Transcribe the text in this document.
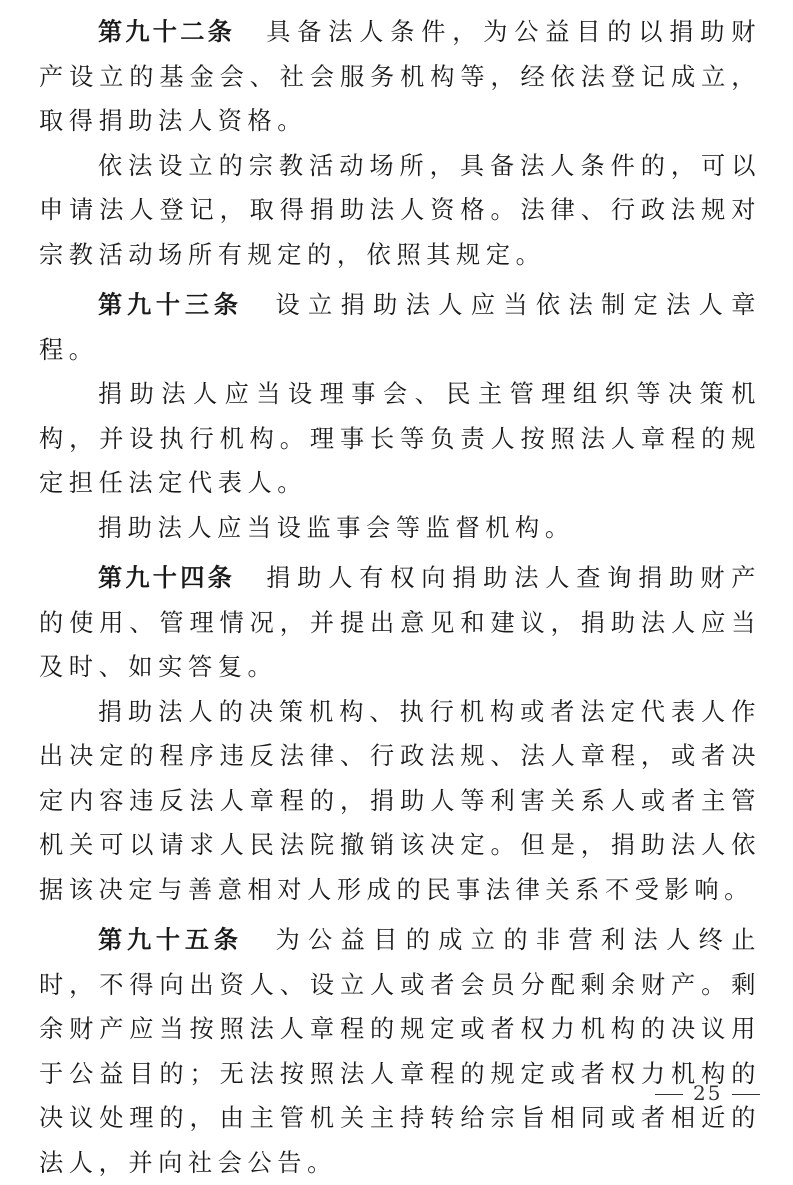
第九十二条 具备法人条件，为公益目的以捐助财产设立的基金会、社会服务机构等，经依法登记成立，取得捐助法人资格。

依法设立的宗教活动场所，具备法人条件的，可以申请法人登记，取得捐助法人资格。法律、行政法规对宗教活动场所有规定的，依照其规定。

第九十三条 设立捐助法人应当依法制定法人章程。

捐助法人应当设理事会、民主管理组织等决策机构，并设执行机构。理事长等负责人按照法人章程的规定担任法定代表人。

捐助法人应当设监事会等监督机构。

第九十四条 捐助人有权向捐助法人查询捐助财产的使用、管理情况，并提出意见和建议，捐助法人应当及时、如实答复。

捐助法人的决策机构、执行机构或者法定代表人作出决定的程序违反法律、行政法规、法人章程，或者决定内容违反法人章程的，捐助人等利害关系人或者主管机关可以请求人民法院撤销该决定。但是，捐助法人依据该决定与善意相对人形成的民事法律关系不受影响。

第九十五条 为公益目的成立的非营利法人终止时，不得向出资人、设立人或者会员分配剩余财产。剩余财产应当按照法人章程的规定或者权力机构的决议用于公益目的；无法按照法人章程的规定或者权力机构的决议处理的，由主管机关主持转给宗旨相同或者相近的法人，并向社会公告。

25
